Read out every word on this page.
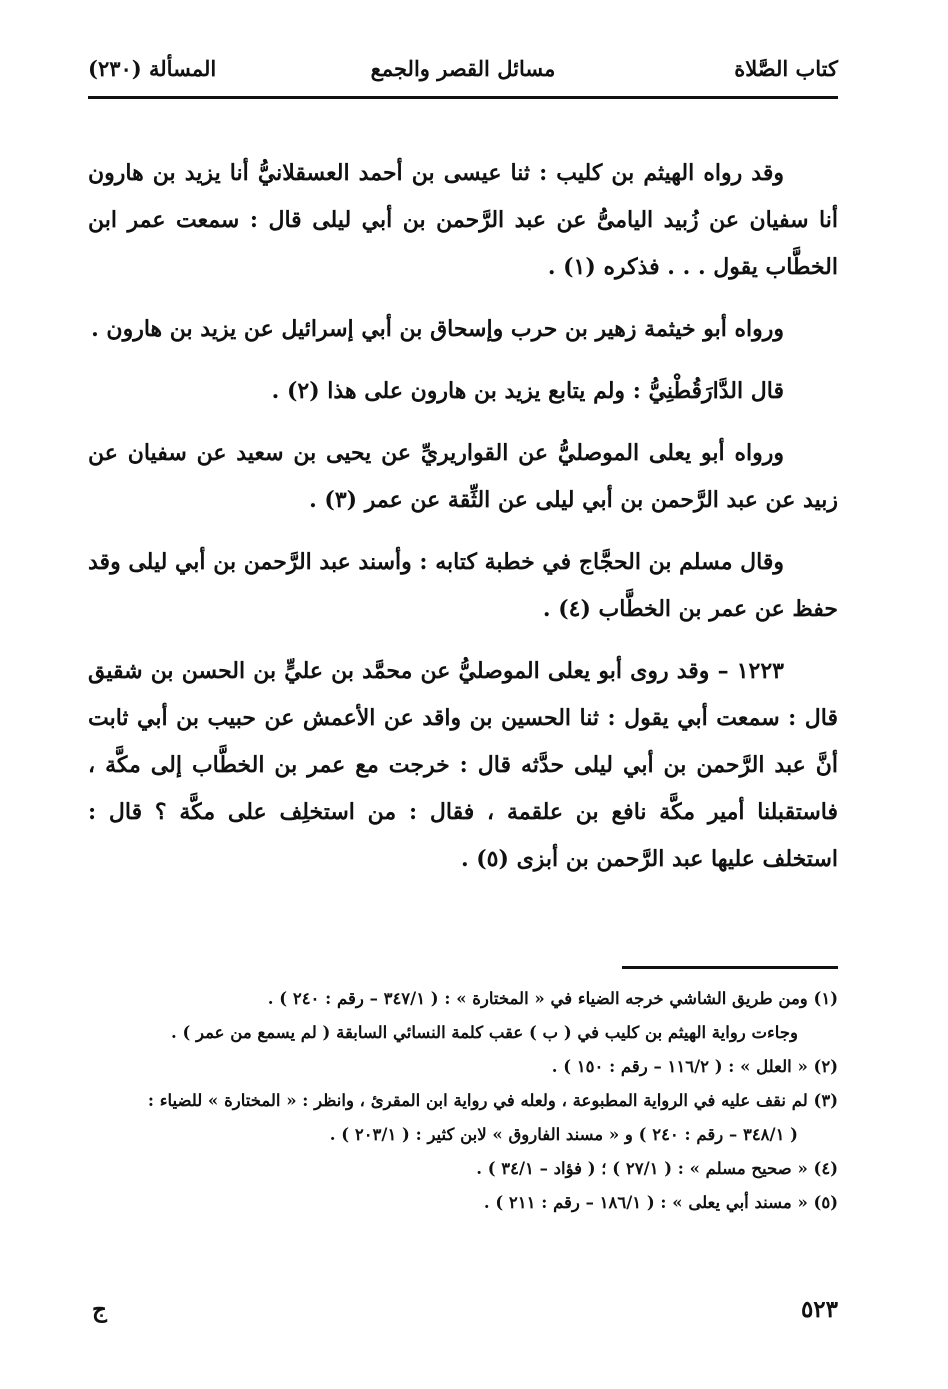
كتاب الصَّلاة
مسائل القصر والجمع
المسألة (٢٣٠)

وقد رواه الهيثم بن كليب : ثنا عيسى بن أحمد العسقلانيُّ أنا يزيد بن هارون أنا سفيان عن زُبيد اليامىُّ عن عبد الرَّحمن بن أبي ليلى قال : سمعت عمر ابن الخطَّاب يقول . . . فذكره (١) .

ورواه أبو خيثمة زهير بن حرب وإسحاق بن أبي إسرائيل عن يزيد بن هارون .

قال الدَّارَقُطْنِيُّ : ولم يتابع يزيد بن هارون على هذا (٢) .

ورواه أبو يعلى الموصليُّ عن القواريريِّ عن يحيى بن سعيد عن سفيان عن زبيد عن عبد الرَّحمن بن أبي ليلى عن الثِّقة عن عمر (٣) .

وقال مسلم بن الحجَّاج في خطبة كتابه : وأسند عبد الرَّحمن بن أبي ليلى وقد حفظ عن عمر بن الخطَّاب (٤) .

١٢٢٣ – وقد روى أبو يعلى الموصليُّ عن محمَّد بن عليٍّ بن الحسن بن شقيق قال : سمعت أبي يقول : ثنا الحسين بن واقد عن الأعمش عن حبيب بن أبي ثابت أنَّ عبد الرَّحمن بن أبي ليلى حدَّثه قال : خرجت مع عمر بن الخطَّاب إلى مكَّة ، فاستقبلنا أمير مكَّة نافع بن علقمة ، فقال : من استخلِف على مكَّة ؟ قال : استخلف عليها عبد الرَّحمن بن أبزى (٥) .

(١) ومن طريق الشاشي خرجه الضياء في « المختارة » : ( ٣٤٧/١ – رقم : ٢٤٠ ) .

وجاءت رواية الهيثم بن كليب في ( ب ) عقب كلمة النسائي السابقة ( لم يسمع من عمر ) .

(٢) « العلل » : ( ١١٦/٢ – رقم : ١٥٠ ) .

(٣) لم نقف عليه في الرواية المطبوعة ، ولعله في رواية ابن المقرئ ، وانظر : « المختارة » للضياء :

( ٣٤٨/١ – رقم : ٢٤٠ ) و « مسند الفاروق » لابن كثير : ( ٢٠٣/١ ) .

(٤) « صحيح مسلم » : ( ٢٧/١ ) ؛ ( فؤاد – ٣٤/١ ) .

(٥) « مسند أبي يعلى » : ( ١٨٦/١ – رقم : ٢١١ ) .

٥٢٣
ج
